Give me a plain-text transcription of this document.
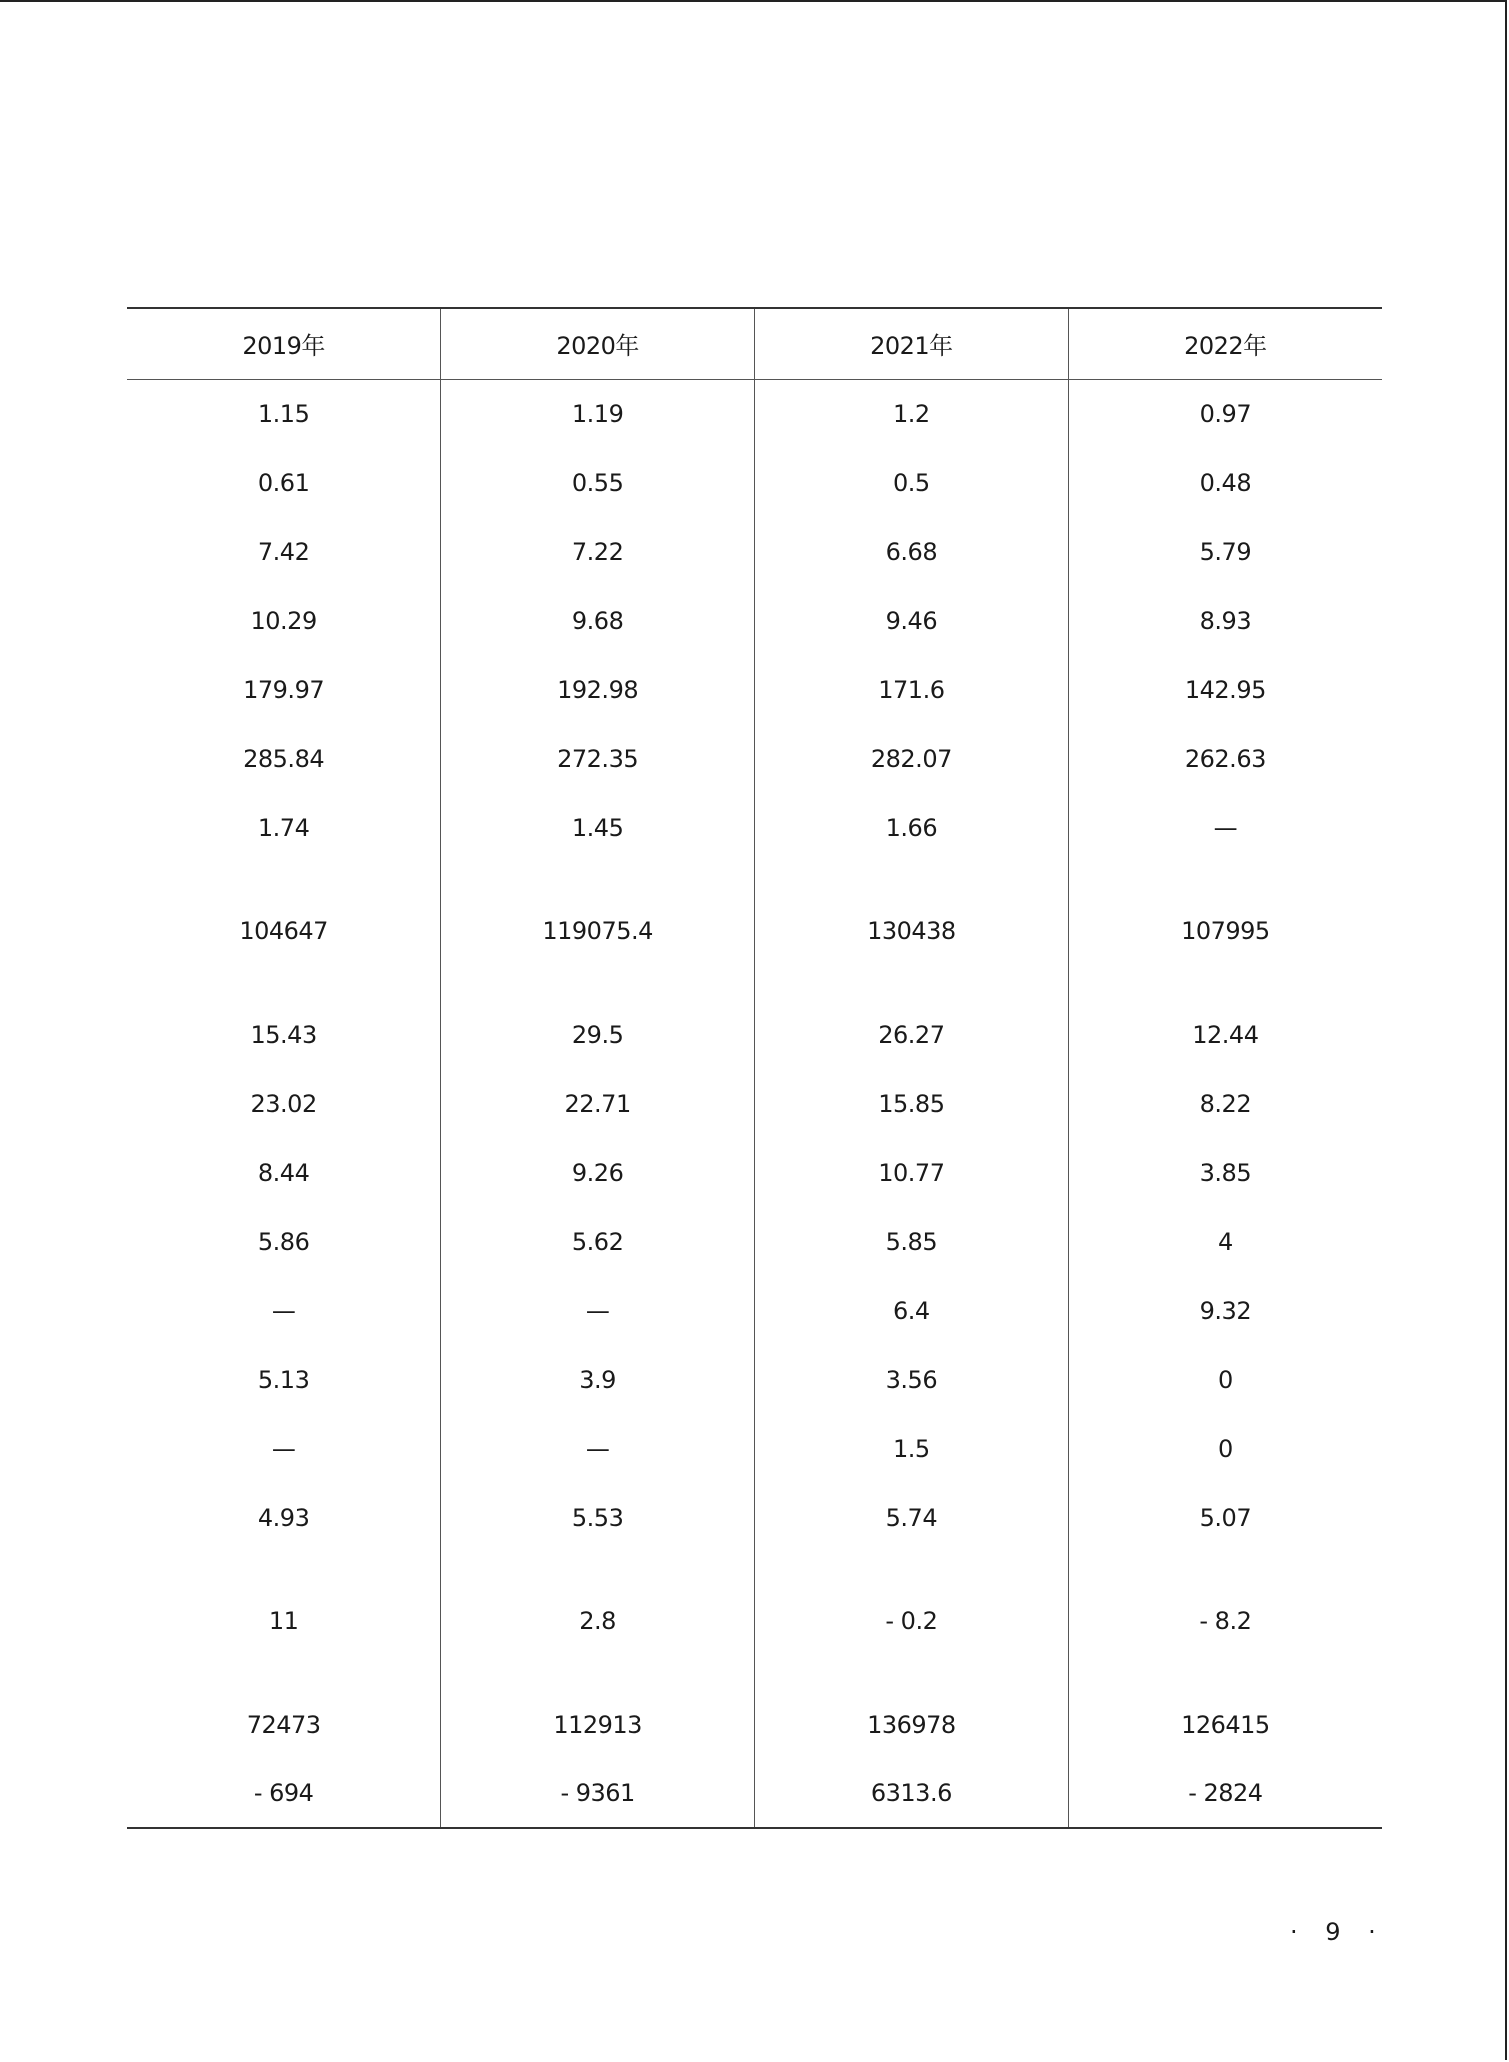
2019年	2020年	2021年	2022年
1.15	1.19	1.2	0.97
0.61	0.55	0.5	0.48
7.42	7.22	6.68	5.79
10.29	9.68	9.46	8.93
179.97	192.98	171.6	142.95
285.84	272.35	282.07	262.63
1.74	1.45	1.66	—
104647	119075.4	130438	107995
15.43	29.5	26.27	12.44
23.02	22.71	15.85	8.22
8.44	9.26	10.77	3.85
5.86	5.62	5.85	4
—	—	6.4	9.32
5.13	3.9	3.56	0
—	—	1.5	0
4.93	5.53	5.74	5.07
11	2.8	- 0.2	- 8.2
72473	112913	136978	126415
- 694	- 9361	6313.6	- 2824
· 9 ·
